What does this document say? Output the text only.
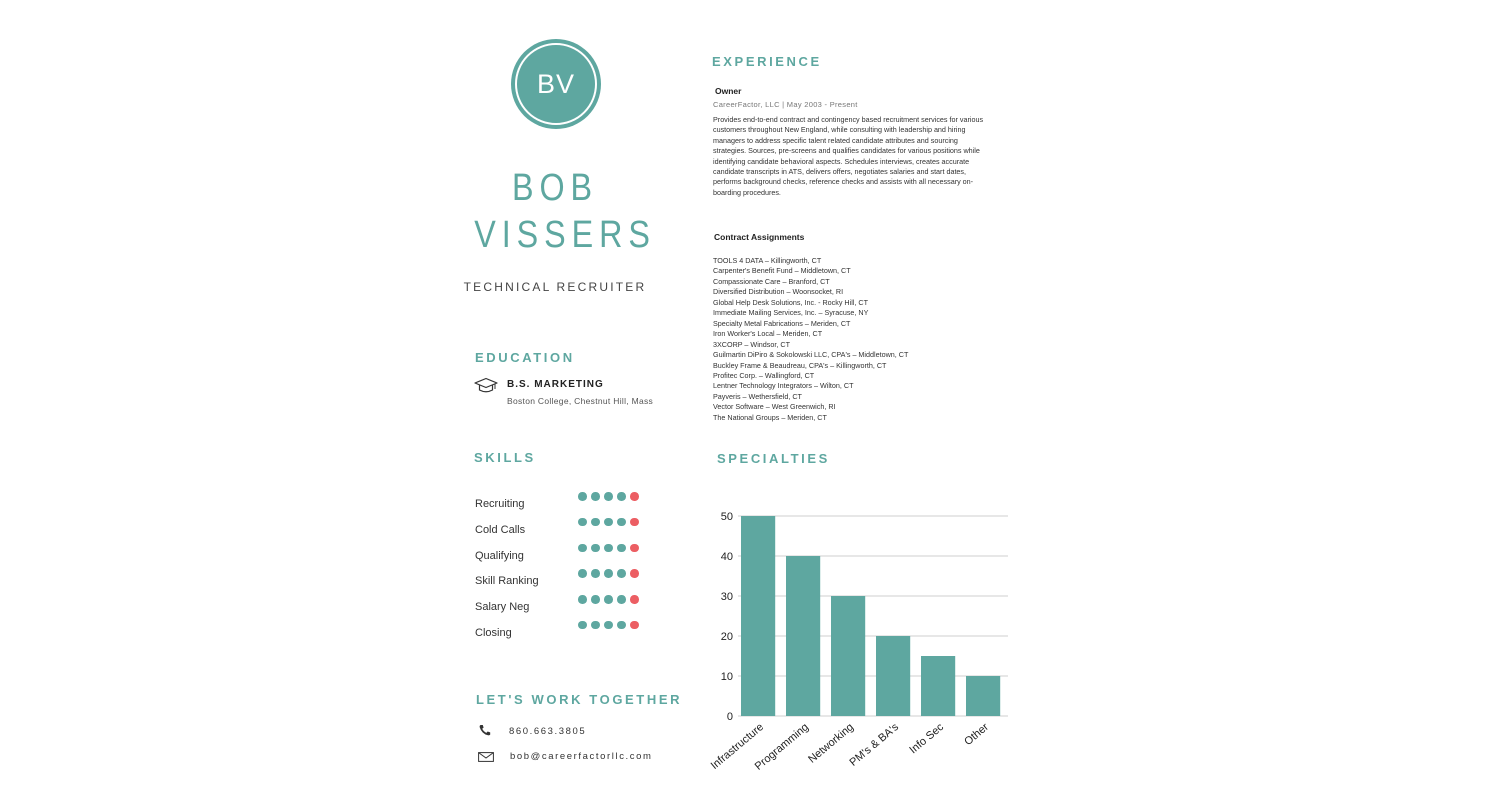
BV
BOB
VISSERS
TECHNICAL RECRUITER
EDUCATION
B.S. MARKETING
Boston College, Chestnut Hill, Mass
SKILLS
Recruiting
Cold Calls
Qualifying
Skill Ranking
Salary Neg
Closing
LET'S WORK TOGETHER
860.663.3805
bob@careerfactorllc.com
EXPERIENCE
Owner
CareerFactor, LLC | May 2003 - Present

Provides end-to-end contract and contingency based recruitment services for various customers throughout New England, while consulting with leadership and hiring managers to address specific talent related candidate attributes and sourcing strategies. Sources, pre-screens and qualifies candidates for various positions while identifying candidate behavioral aspects. Schedules interviews, creates accurate candidate transcripts in ATS, delivers offers, negotiates salaries and start dates, performs background checks, reference checks and assists with all necessary on-boarding procedures.

Contract Assignments
TOOLS 4 DATA – Killingworth, CT
Carpenter's Benefit Fund – Middletown, CT
Compassionate Care – Branford, CT
Diversified Distribution – Woonsocket, RI
Global Help Desk Solutions, Inc. - Rocky Hill, CT
Immediate Mailing Services, Inc. – Syracuse, NY
Specialty Metal Fabrications – Meriden, CT
Iron Worker's Local – Meriden, CT
3XCORP – Windsor, CT
Guilmartin DiPiro & Sokolowski LLC, CPA's – Middletown, CT
Buckley Frame & Beaudreau, CPA's – Killingworth, CT
Profitec Corp. – Wallingford, CT
Lentner Technology Integrators – Wilton, CT
Payveris – Wethersfield, CT
Vector Software – West Greenwich, RI
The National Groups – Meriden, CT
SPECIALTIES
0
10
20
30
40
50
Infrastructure
Programming
Networking
PM's & BA's Info Sec Other
